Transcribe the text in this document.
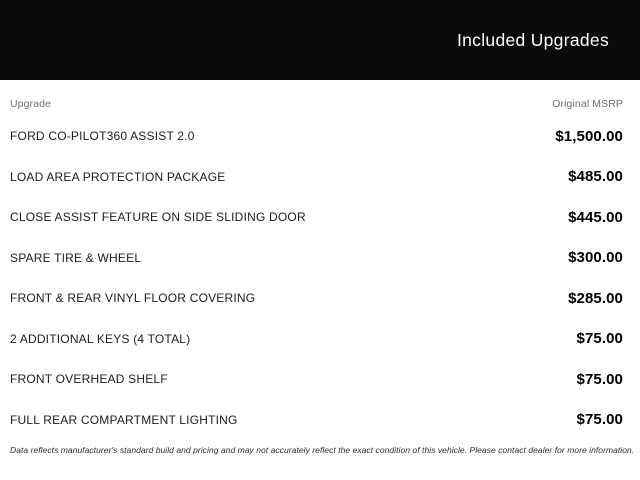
Included Upgrades
Upgrade	Original MSRP
FORD CO-PILOT360 ASSIST 2.0	$1,500.00
LOAD AREA PROTECTION PACKAGE	$485.00
CLOSE ASSIST FEATURE ON SIDE SLIDING DOOR	$445.00
SPARE TIRE & WHEEL	$300.00
FRONT & REAR VINYL FLOOR COVERING	$285.00
2 ADDITIONAL KEYS (4 TOTAL)	$75.00
FRONT OVERHEAD SHELF	$75.00
FULL REAR COMPARTMENT LIGHTING	$75.00

Data reflects manufacturer's standard build and pricing and may not accurately reflect the exact condition of this vehicle. Please contact dealer for more information.
